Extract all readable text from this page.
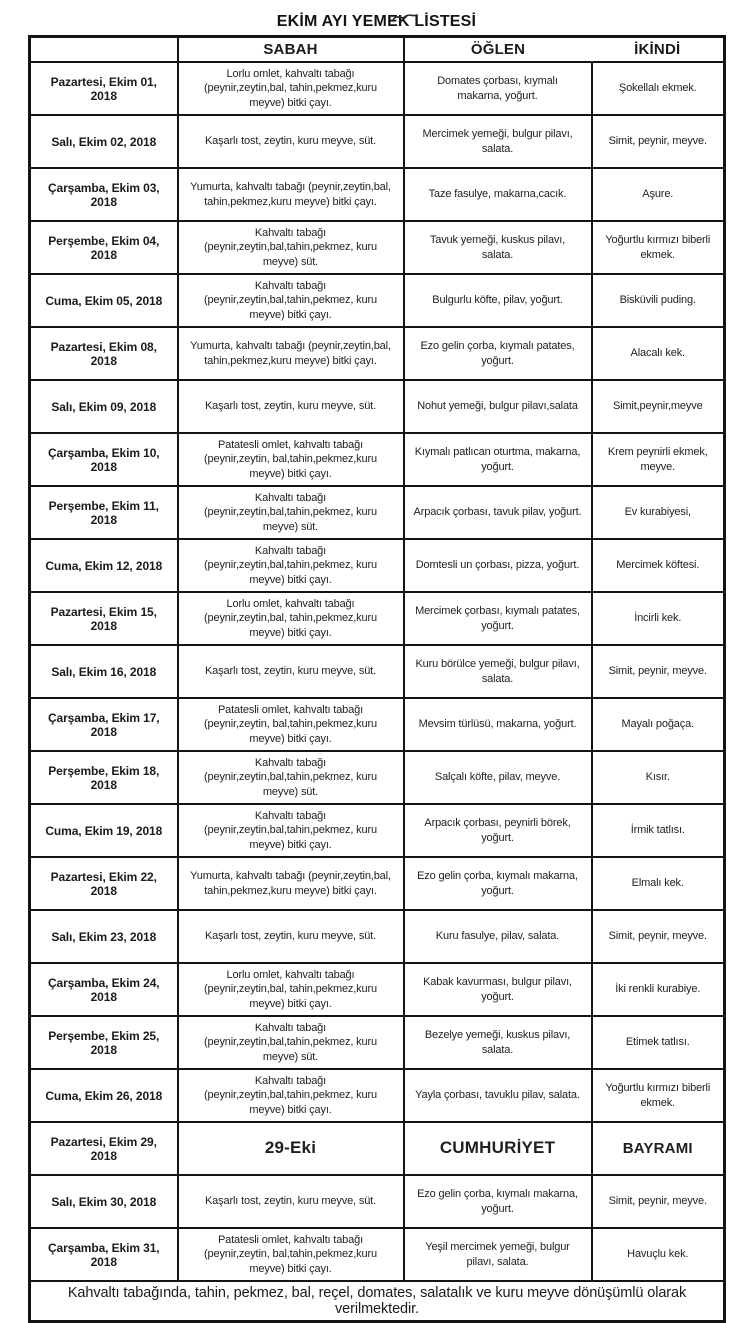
EKİM AYI YEMEK LİSTESİ
	SABAH	ÖĞLEN	İKİNDİ
Pazartesi, Ekim 01, 2018	Lorlu omlet, kahvaltı tabağı (peynir,zeytin,bal, tahin,pekmez,kuru meyve) bitki çayı.	Domates çorbası, kıymalı makarna, yoğurt.	Şokellalı ekmek.
Salı, Ekim 02, 2018	Kaşarlı tost, zeytin, kuru meyve, süt.	Mercimek yemeği, bulgur pilavı, salata.	Simit, peynir, meyve.
Çarşamba, Ekim 03, 2018	Yumurta, kahvaltı tabağı (peynir,zeytin,bal, tahin,pekmez,kuru meyve) bitki çayı.	Taze fasulye, makarna,cacık.	Aşure.
Perşembe, Ekim 04, 2018	Kahvaltı tabağı (peynir,zeytin,bal,tahin,pekmez, kuru meyve) süt.	Tavuk yemeği, kuskus pilavı, salata.	Yoğurtlu kırmızı biberli ekmek.
Cuma, Ekim 05, 2018	Kahvaltı tabağı (peynir,zeytin,bal,tahin,pekmez, kuru meyve) bitki çayı.	Bulgurlu köfte, pilav, yoğurt.	Bisküvili puding.
Pazartesi, Ekim 08, 2018	Yumurta, kahvaltı tabağı (peynir,zeytin,bal, tahin,pekmez,kuru meyve) bitki çayı.	Ezo gelin çorba, kıymalı patates, yoğurt.	Alacalı kek.
Salı, Ekim 09, 2018	Kaşarlı tost, zeytin, kuru meyve, süt.	Nohut yemeği, bulgur pilavı,salata	Simit,peynir,meyve
Çarşamba, Ekim 10, 2018	Patatesli omlet, kahvaltı tabağı (peynir,zeytin, bal,tahin,pekmez,kuru meyve) bitki çayı.	Kıymalı patlıcan oturtma, makarna, yoğurt.	Krem peynirli ekmek, meyve.
Perşembe, Ekim 11, 2018	Kahvaltı tabağı (peynir,zeytin,bal,tahin,pekmez, kuru meyve) süt.	Arpacık çorbası, tavuk pilav, yoğurt.	Ev kurabiyesi,
Cuma, Ekim 12, 2018	Kahvaltı tabağı (peynir,zeytin,bal,tahin,pekmez, kuru meyve) bitki çayı.	Domtesli un çorbası, pizza, yoğurt.	Mercimek köftesi.
Pazartesi, Ekim 15, 2018	Lorlu omlet, kahvaltı tabağı (peynir,zeytin,bal, tahin,pekmez,kuru meyve) bitki çayı.	Mercimek çorbası, kıymalı patates, yoğurt.	İncirli kek.
Salı, Ekim 16, 2018	Kaşarlı tost, zeytin, kuru meyve, süt.	Kuru börülce yemeği, bulgur pilavı, salata.	Simit, peynir, meyve.
Çarşamba, Ekim 17, 2018	Patatesli omlet, kahvaltı tabağı (peynir,zeytin, bal,tahin,pekmez,kuru meyve) bitki çayı.	Mevsim türlüsü, makarna, yoğurt.	Mayalı poğaça.
Perşembe, Ekim 18, 2018	Kahvaltı tabağı (peynir,zeytin,bal,tahin,pekmez, kuru meyve) süt.	Salçalı köfte, pilav, meyve.	Kısır.
Cuma, Ekim 19, 2018	Kahvaltı tabağı (peynir,zeytin,bal,tahin,pekmez, kuru meyve) bitki çayı.	Arpacık çorbası, peynirli börek, yoğurt.	İrmik tatlısı.
Pazartesi, Ekim 22, 2018	Yumurta, kahvaltı tabağı (peynir,zeytin,bal, tahin,pekmez,kuru meyve) bitki çayı.	Ezo gelin çorba, kıymalı makarna, yoğurt.	Elmalı kek.
Salı, Ekim 23, 2018	Kaşarlı tost, zeytin, kuru meyve, süt.	Kuru fasulye, pilav, salata.	Simit, peynir, meyve.
Çarşamba, Ekim 24, 2018	Lorlu omlet, kahvaltı tabağı (peynir,zeytin,bal, tahin,pekmez,kuru meyve) bitki çayı.	Kabak kavurması, bulgur pilavı, yoğurt.	İki renkli kurabiye.
Perşembe, Ekim 25, 2018	Kahvaltı tabağı (peynir,zeytin,bal,tahin,pekmez, kuru meyve) süt.	Bezelye yemeği, kuskus pilavı, salata.	Etimek tatlısı.
Cuma, Ekim 26, 2018	Kahvaltı tabağı (peynir,zeytin,bal,tahin,pekmez, kuru meyve) bitki çayı.	Yayla çorbası, tavuklu pilav, salata.	Yoğurtlu kırmızı biberli ekmek.
Pazartesi, Ekim 29, 2018	29-Eki	CUMHURİYET	BAYRAMI
Salı, Ekim 30, 2018	Kaşarlı tost, zeytin, kuru meyve, süt.	Ezo gelin çorba, kıymalı makarna, yoğurt.	Simit, peynir, meyve.
Çarşamba, Ekim 31, 2018	Patatesli omlet, kahvaltı tabağı (peynir,zeytin, bal,tahin,pekmez,kuru meyve) bitki çayı.	Yeşil mercimek yemeği, bulgur pilavı, salata.	Havuçlu kek.
Kahvaltı tabağında, tahin, pekmez, bal, reçel, domates, salatalık ve kuru meyve dönüşümlü olarak verilmektedir.			
